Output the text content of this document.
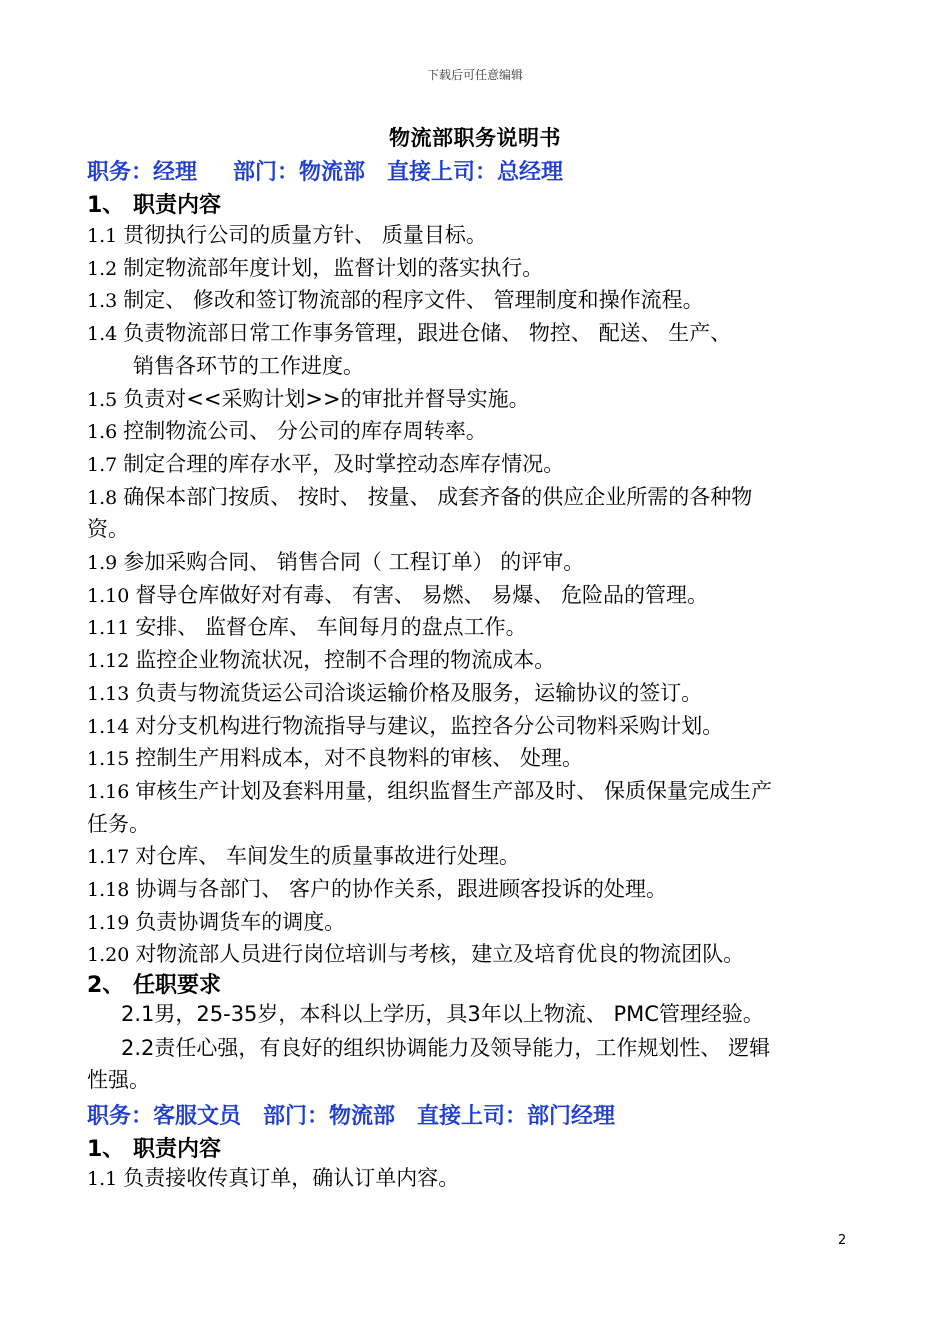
下载后可任意编辑
物流部职务说明书
职务：经理 部门：物流部 直接上司：总经理
1、 职责内容
1.1 贯彻执行公司的质量方针、 质量目标。
1.2 制定物流部年度计划，监督计划的落实执行。
1.3 制定、 修改和签订物流部的程序文件、 管理制度和操作流程。
1.4 负责物流部日常工作事务管理，跟进仓储、 物控、 配送、 生产、
销售各环节的工作进度。
1.5 负责对<<采购计划>>的审批并督导实施。
1.6 控制物流公司、 分公司的库存周转率。
1.7 制定合理的库存水平，及时掌控动态库存情况。
1.8 确保本部门按质、 按时、 按量、 成套齐备的供应企业所需的各种物
资。
1.9 参加采购合同、 销售合同（ 工程订单） 的评审。
1.10 督导仓库做好对有毒、 有害、 易燃、 易爆、 危险品的管理。
1.11 安排、 监督仓库、 车间每月的盘点工作。
1.12 监控企业物流状况，控制不合理的物流成本。
1.13 负责与物流货运公司洽谈运输价格及服务，运输协议的签订。
1.14 对分支机构进行物流指导与建议，监控各分公司物料采购计划。
1.15 控制生产用料成本，对不良物料的审核、 处理。
1.16 审核生产计划及套料用量，组织监督生产部及时、 保质保量完成生产
任务。
1.17 对仓库、 车间发生的质量事故进行处理。
1.18 协调与各部门、 客户的协作关系，跟进顾客投诉的处理。
1.19 负责协调货车的调度。
1.20 对物流部人员进行岗位培训与考核，建立及培育优良的物流团队。
2、 任职要求
2.1男，25-35岁，本科以上学历，具3年以上物流、 PMC管理经验。
2.2责任心强，有良好的组织协调能力及领导能力，工作规划性、 逻辑
性强。
职务：客服文员 部门：物流部 直接上司：部门经理
1、 职责内容
1.1 负责接收传真订单，确认订单内容。
2
